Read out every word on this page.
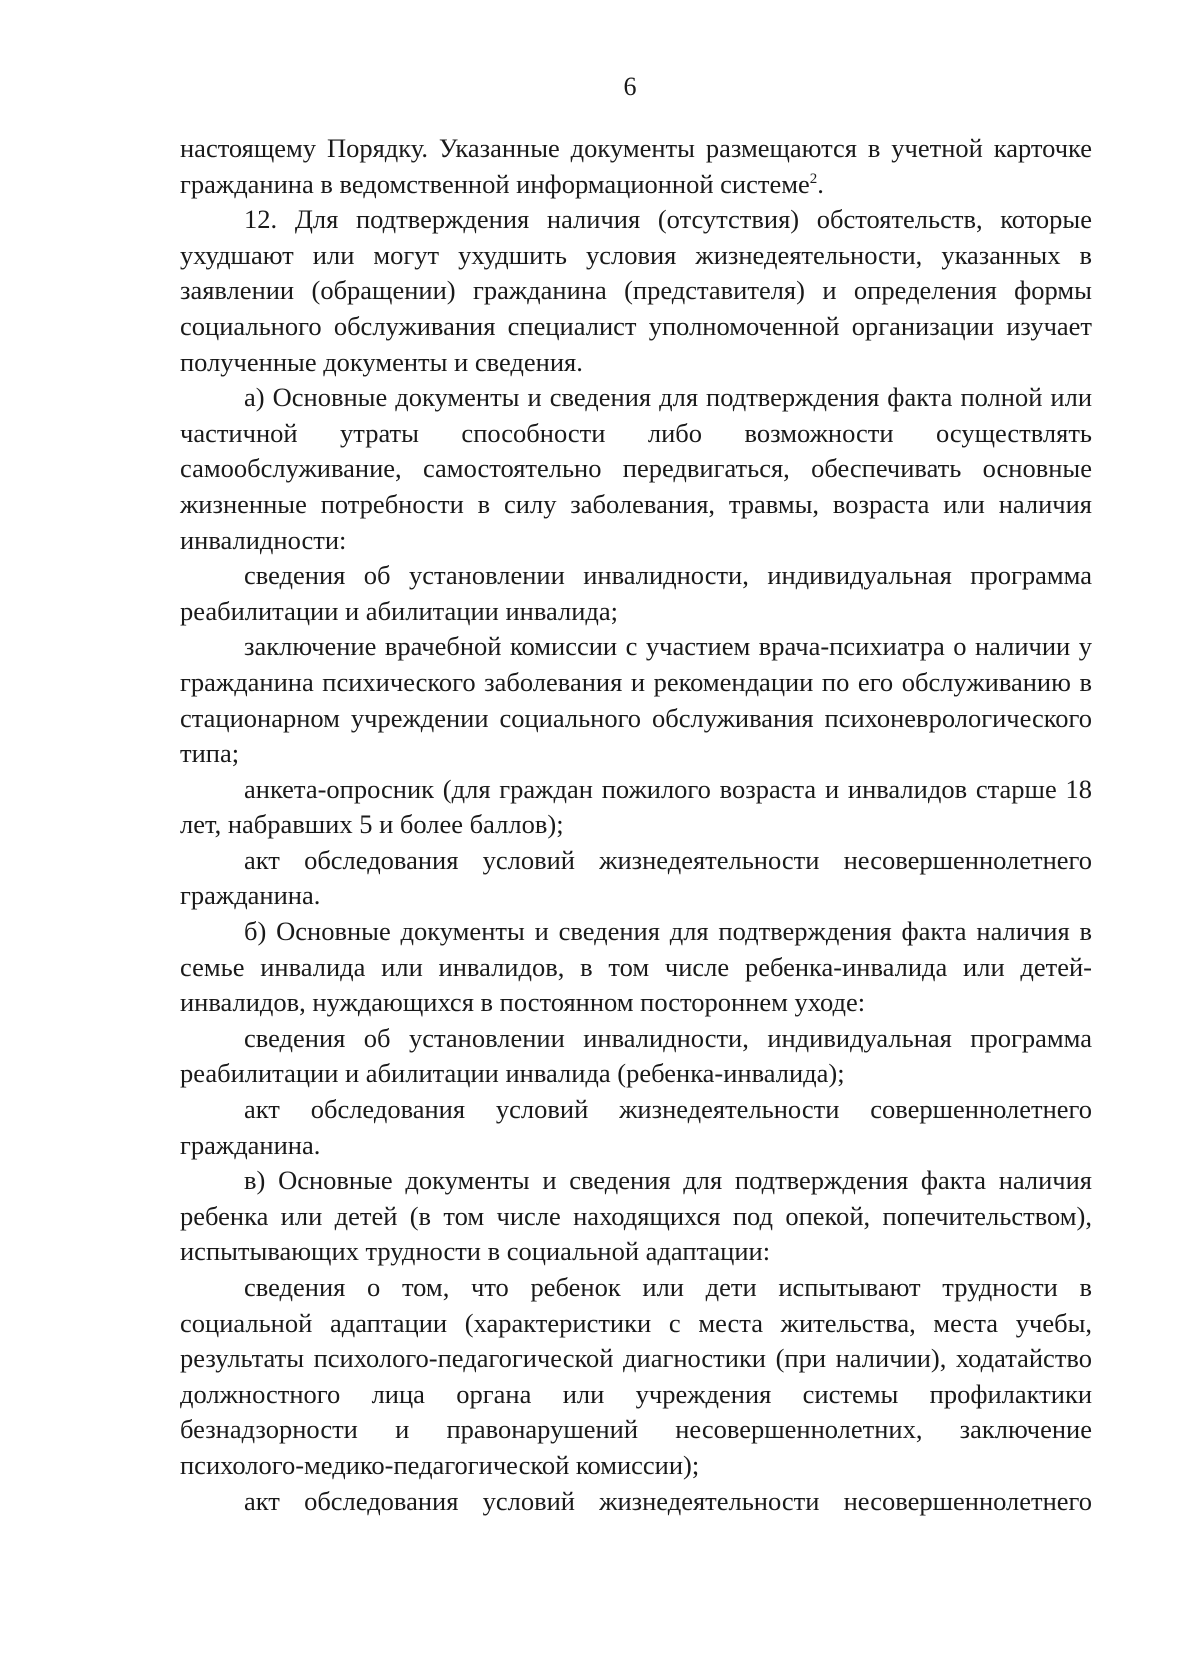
6

настоящему Порядку. Указанные документы размещаются в учетной карточке гражданина в ведомственной информационной системе$^2$.

12. Для подтверждения наличия (отсутствия) обстоятельств, которые ухудшают или могут ухудшить условия жизнедеятельности, указанных в заявлении (обращении) гражданина (представителя) и определения формы социального обслуживания специалист уполномоченной организации изучает полученные документы и сведения.

а) Основные документы и сведения для подтверждения факта полной или частичной утраты способности либо возможности осуществлять самообслуживание, самостоятельно передвигаться, обеспечивать основные жизненные потребности в силу заболевания, травмы, возраста или наличия инвалидности:

сведения об установлении инвалидности, индивидуальная программа реабилитации и абилитации инвалида;

заключение врачебной комиссии с участием врача-психиатра о наличии у гражданина психического заболевания и рекомендации по его обслуживанию в стационарном учреждении социального обслуживания психоневрологического типа;

анкета-опросник (для граждан пожилого возраста и инвалидов старше 18 лет, набравших 5 и более баллов);

акт обследования условий жизнедеятельности несовершеннолетнего гражданина.

б) Основные документы и сведения для подтверждения факта наличия в семье инвалида или инвалидов, в том числе ребенка-инвалида или детей-инвалидов, нуждающихся в постоянном постороннем уходе:

сведения об установлении инвалидности, индивидуальная программа реабилитации и абилитации инвалида (ребенка-инвалида);

акт обследования условий жизнедеятельности совершеннолетнего гражданина.

в) Основные документы и сведения для подтверждения факта наличия ребенка или детей (в том числе находящихся под опекой, попечительством), испытывающих трудности в социальной адаптации:

сведения о том, что ребенок или дети испытывают трудности в социальной адаптации (характеристики с места жительства, места учебы, результаты психолого-педагогической диагностики (при наличии), ходатайство должностного лица органа или учреждения системы профилактики безнадзорности и правонарушений несовершеннолетних, заключение психолого-медико-педагогической комиссии);

акт обследования условий жизнедеятельности несовершеннолетнего
